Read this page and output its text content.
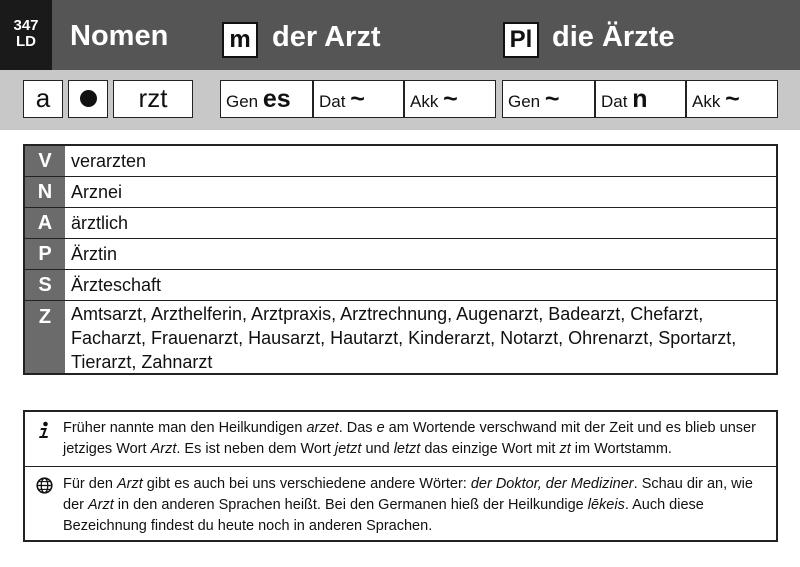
347
LD	Nomen	m der Arzt	Pl die Ärzte
a	rzt	Gen es	Dat ~	Akk ~	Gen ~	Dat n	Akk ~
V	verarzten
N	Arznei
A	ärztlich
P	Ärztin
S	Ärzteschaft
Z	Amtsarzt, Arzthelferin, Arztpraxis, Arztrechnung, Augenarzt, Badearzt, Chefarzt, Facharzt, Frauenarzt, Hausarzt, Hautarzt, Kinderarzt, Notarzt, Ohrenarzt, Sportarzt, Tierarzt, Zahnarzt
Früher nannte man den Heilkundigen arzet. Das e am Wortende verschwand mit der Zeit und es blieb unser jetziges Wort Arzt. Es ist neben dem Wort jetzt und letzt das einzige Wort mit zt im Wortstamm.
Für den Arzt gibt es auch bei uns verschiedene andere Wörter: der Doktor, der Mediziner. Schau dir an, wie der Arzt in den anderen Sprachen heißt. Bei den Germanen hieß der Heilkundige lēkeis. Auch diese Bezeichnung findest du heute noch in anderen Sprachen.
